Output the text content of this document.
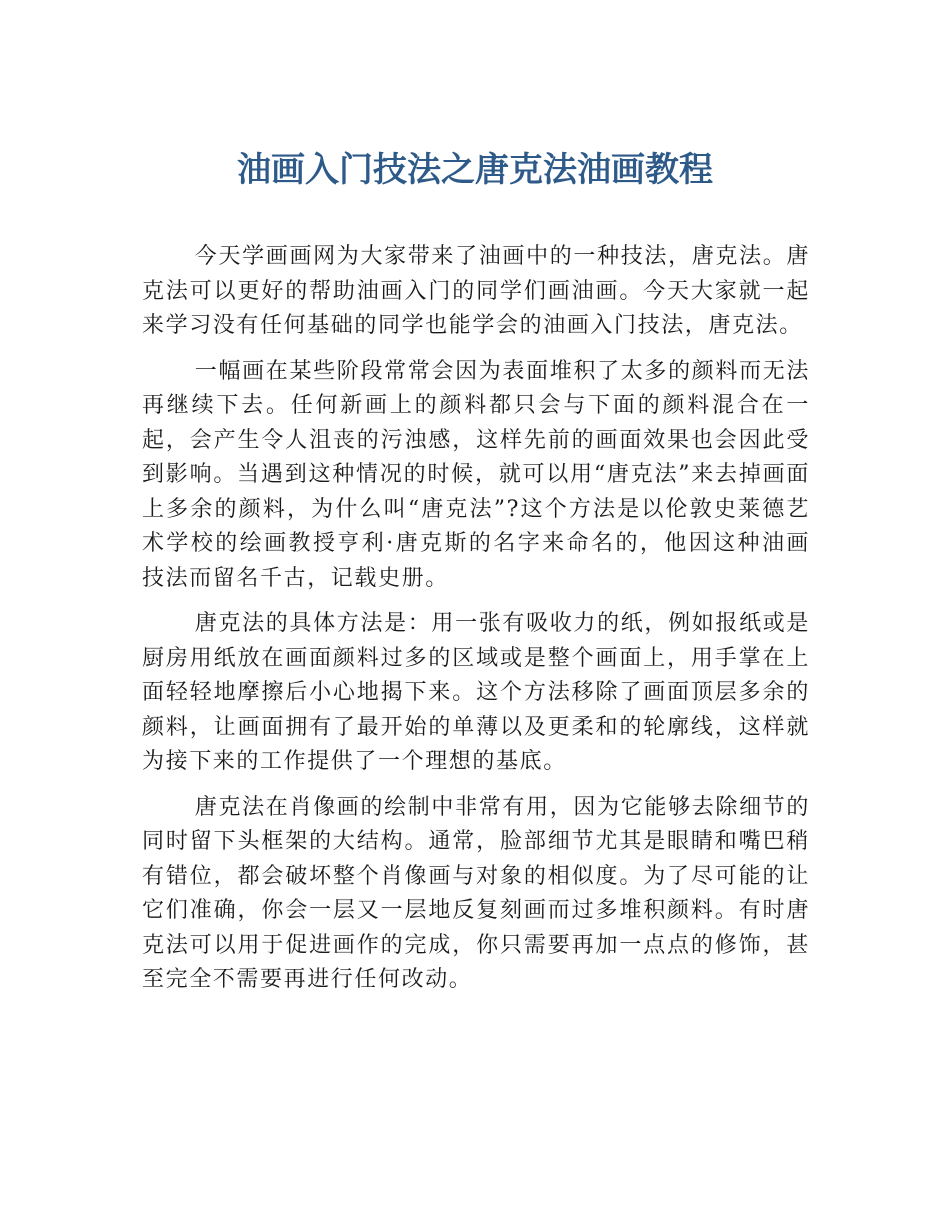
油画入门技法之唐克法油画教程

今天学画画网为大家带来了油画中的一种技法，唐克法。唐克法可以更好的帮助油画入门的同学们画油画。今天大家就一起来学习没有任何基础的同学也能学会的油画入门技法，唐克法。

一幅画在某些阶段常常会因为表面堆积了太多的颜料而无法再继续下去。任何新画上的颜料都只会与下面的颜料混合在一起，会产生令人沮丧的污浊感，这样先前的画面效果也会因此受到影响。当遇到这种情况的时候，就可以用“唐克法”来去掉画面上多余的颜料，为什么叫“唐克法”?这个方法是以伦敦史莱德艺术学校的绘画教授亨利·唐克斯的名字来命名的，他因这种油画技法而留名千古，记载史册。

唐克法的具体方法是：用一张有吸收力的纸，例如报纸或是厨房用纸放在画面颜料过多的区域或是整个画面上，用手掌在上面轻轻地摩擦后小心地揭下来。这个方法移除了画面顶层多余的颜料，让画面拥有了最开始的单薄以及更柔和的轮廓线，这样就为接下来的工作提供了一个理想的基底。

唐克法在肖像画的绘制中非常有用，因为它能够去除细节的同时留下头框架的大结构。通常，脸部细节尤其是眼睛和嘴巴稍有错位，都会破坏整个肖像画与对象的相似度。为了尽可能的让它们准确，你会一层又一层地反复刻画而过多堆积颜料。有时唐克法可以用于促进画作的完成，你只需要再加一点点的修饰，甚至完全不需要再进行任何改动。
